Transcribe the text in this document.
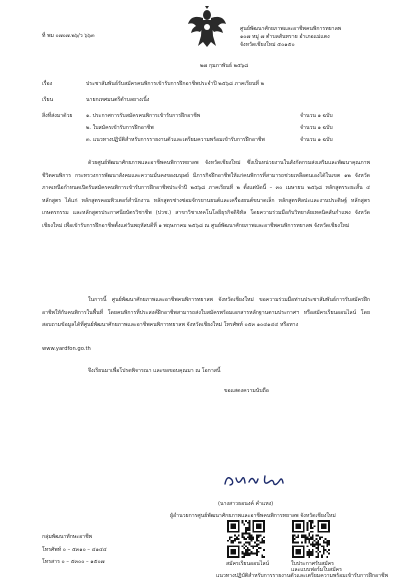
ที่ พม ๐๗๐๗.๒๖/ว ๖๖๓
ศูนย์พัฒนาศักยภาพและอาชีพคนพิการทยาลพ
๑๐๗ หมู่ ๗ ตำบลสันทราย อำเภอแม่แตง
จังหวัดเชียงใหม่ ๕๐๑๕๐
๒๗ กุมภาพันธ์ ๒๕๖๘
เรื่อง	ประชาสัมพันธ์รับสมัครคนพิการเข้ารับการฝึกอาชีพประจำปี ๒๕๖๘ ภาคเรียนที่ ๒
เรียน	นายกเทศมนตรีตำบลยางเนิ้ง
สิ่งที่ส่งมาด้วย	๑. ประกาศการรับสมัครคนพิการเข้ารับการฝึกอาชีพ	จำนวน ๑ ฉบับ
๒. ใบสมัครเข้ารับการฝึกอาชีพ	จำนวน ๑ ฉบับ
๓. แนวทางปฏิบัติสำหรับการรายงานตัวและเตรียมความพร้อมเข้ารับการฝึกอาชีพ	จำนวน ๑ ฉบับ
ด้วยศูนย์พัฒนาศักยภาพและอาชีพคนพิการทยาลพ จังหวัดเชียงใหม่ ซึ่งเป็นหน่วยงานในสังกัดกรมส่งเสริมและพัฒนาคุณภาพชีวิตคนพิการ กระทรวงการพัฒนาสังคมและความมั่นคงของมนุษย์ มีภารกิจฝึกอาชีพให้แก่คนพิการที่สามารถช่วยเหลือตนเองได้ในเขต ๑๒ จังหวัดภาคเหนือกำหนดเปิดรับสมัครคนพิการเข้ารับการฝึกอาชีพประจำปี ๒๕๖๘ ภาคเรียนที่ ๒ ตั้งแต่บัดนี้ – ๓๐ เมษายน ๒๕๖๘ หลักสูตรระยะสั้น ๔ หลักสูตร ได้แก่ หลักสูตรคอมพิวเตอร์สำนักงาน หลักสูตรช่างซ่อมจักรยานยนต์และเครื่องยนต์ขนาดเล็ก หลักสูตรศิลปะและงานประดิษฐ์ หลักสูตรเกษตรกรรม และหลักสูตรประกาศนียบัตรวิชาชีพ (ปวช.) สาขาวิชาเทคโนโลยีธุรกิจดิจิทัล โดยความร่วมมือกับวิทยาลัยเทคนิคสันกำแพง จังหวัดเชียงใหม่ เพื่อเข้ารับการฝึกอาชีพตั้งแต่วันพฤหัสบดีที่ ๑ พฤษภาคม ๒๕๖๘ ณ ศูนย์พัฒนาศักยภาพและอาชีพคนพิการทยาลพ จังหวัดเชียงใหม่
ในการนี้ ศูนย์พัฒนาศักยภาพและอาชีพคนพิการทยาลพ จังหวัดเชียงใหม่ ขอความร่วมมือท่านประชาสัมพันธ์การรับสมัครฝึกอาชีพให้กับคนพิการในพื้นที่ โดยคนพิการที่ประสงค์ฝึกอาชีพสามารถส่งใบสมัครพร้อมเอกสารหลักฐานตามประกาศฯ หรือสมัครเรียนออนไลน์ โดยสอบถามข้อมูลได้ที่ศูนย์พัฒนาศักยภาพและอาชีพคนพิการทยาลพ จังหวัดเชียงใหม่ โทรศัพท์ ๐๕๓ ๑๐๔๑๔๔ หรือทาง
www.yardfon.go.th
จึงเรียนมาเพื่อโปรดพิจารณา และขอขอบคุณมา ณ โอกาสนี้
ขอแสดงความนับถือ
(นางสาวธอนงค์ คำแหง)
ผู้อำนวยการศูนย์พัฒนาศักยภาพและอาชีพคนพิการทยาลพ จังหวัดเชียงใหม่
กลุ่มพัฒนาทักษะอาชีพ
โทรศัพท์ ๐ – ๕๓๑๐ – ๔๑๔๔
โทรสาร ๐ – ๕๓๐๐ – ๑๕๐๗	สมัครเรียนออนไลน์	ใบประกาศรับสมัคร
และแบบฟอร์มใบสมัคร
แนวทางปฏิบัติสำหรับการรายงานตัวและเตรียมความพร้อมเข้ารับการฝึกอาชีพ
